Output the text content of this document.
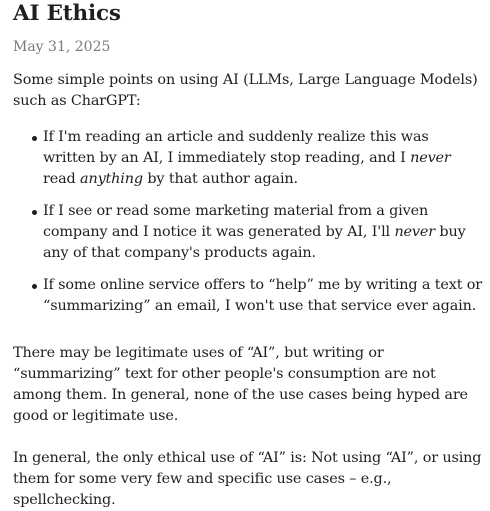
AI Ethics
May 31, 2025

Some simple points on using AI (LLMs, Large Language Models) such as CharGPT:

If I'm reading an article and suddenly realize this was written by an AI, I immediately stop reading, and I never read anything by that author again.
If I see or read some marketing material from a given company and I notice it was generated by AI, I'll never buy any of that company's products again.
If some online service offers to “help” me by writing a text or “summarizing” an email, I won't use that service ever again.

There may be legitimate uses of “AI”, but writing or “summarizing” text for other people's consumption are not among them. In general, none of the use cases being hyped are good or legitimate use.

In general, the only ethical use of “AI” is: Not using “AI”, or using them for some very few and specific use cases – e.g., spellchecking.
